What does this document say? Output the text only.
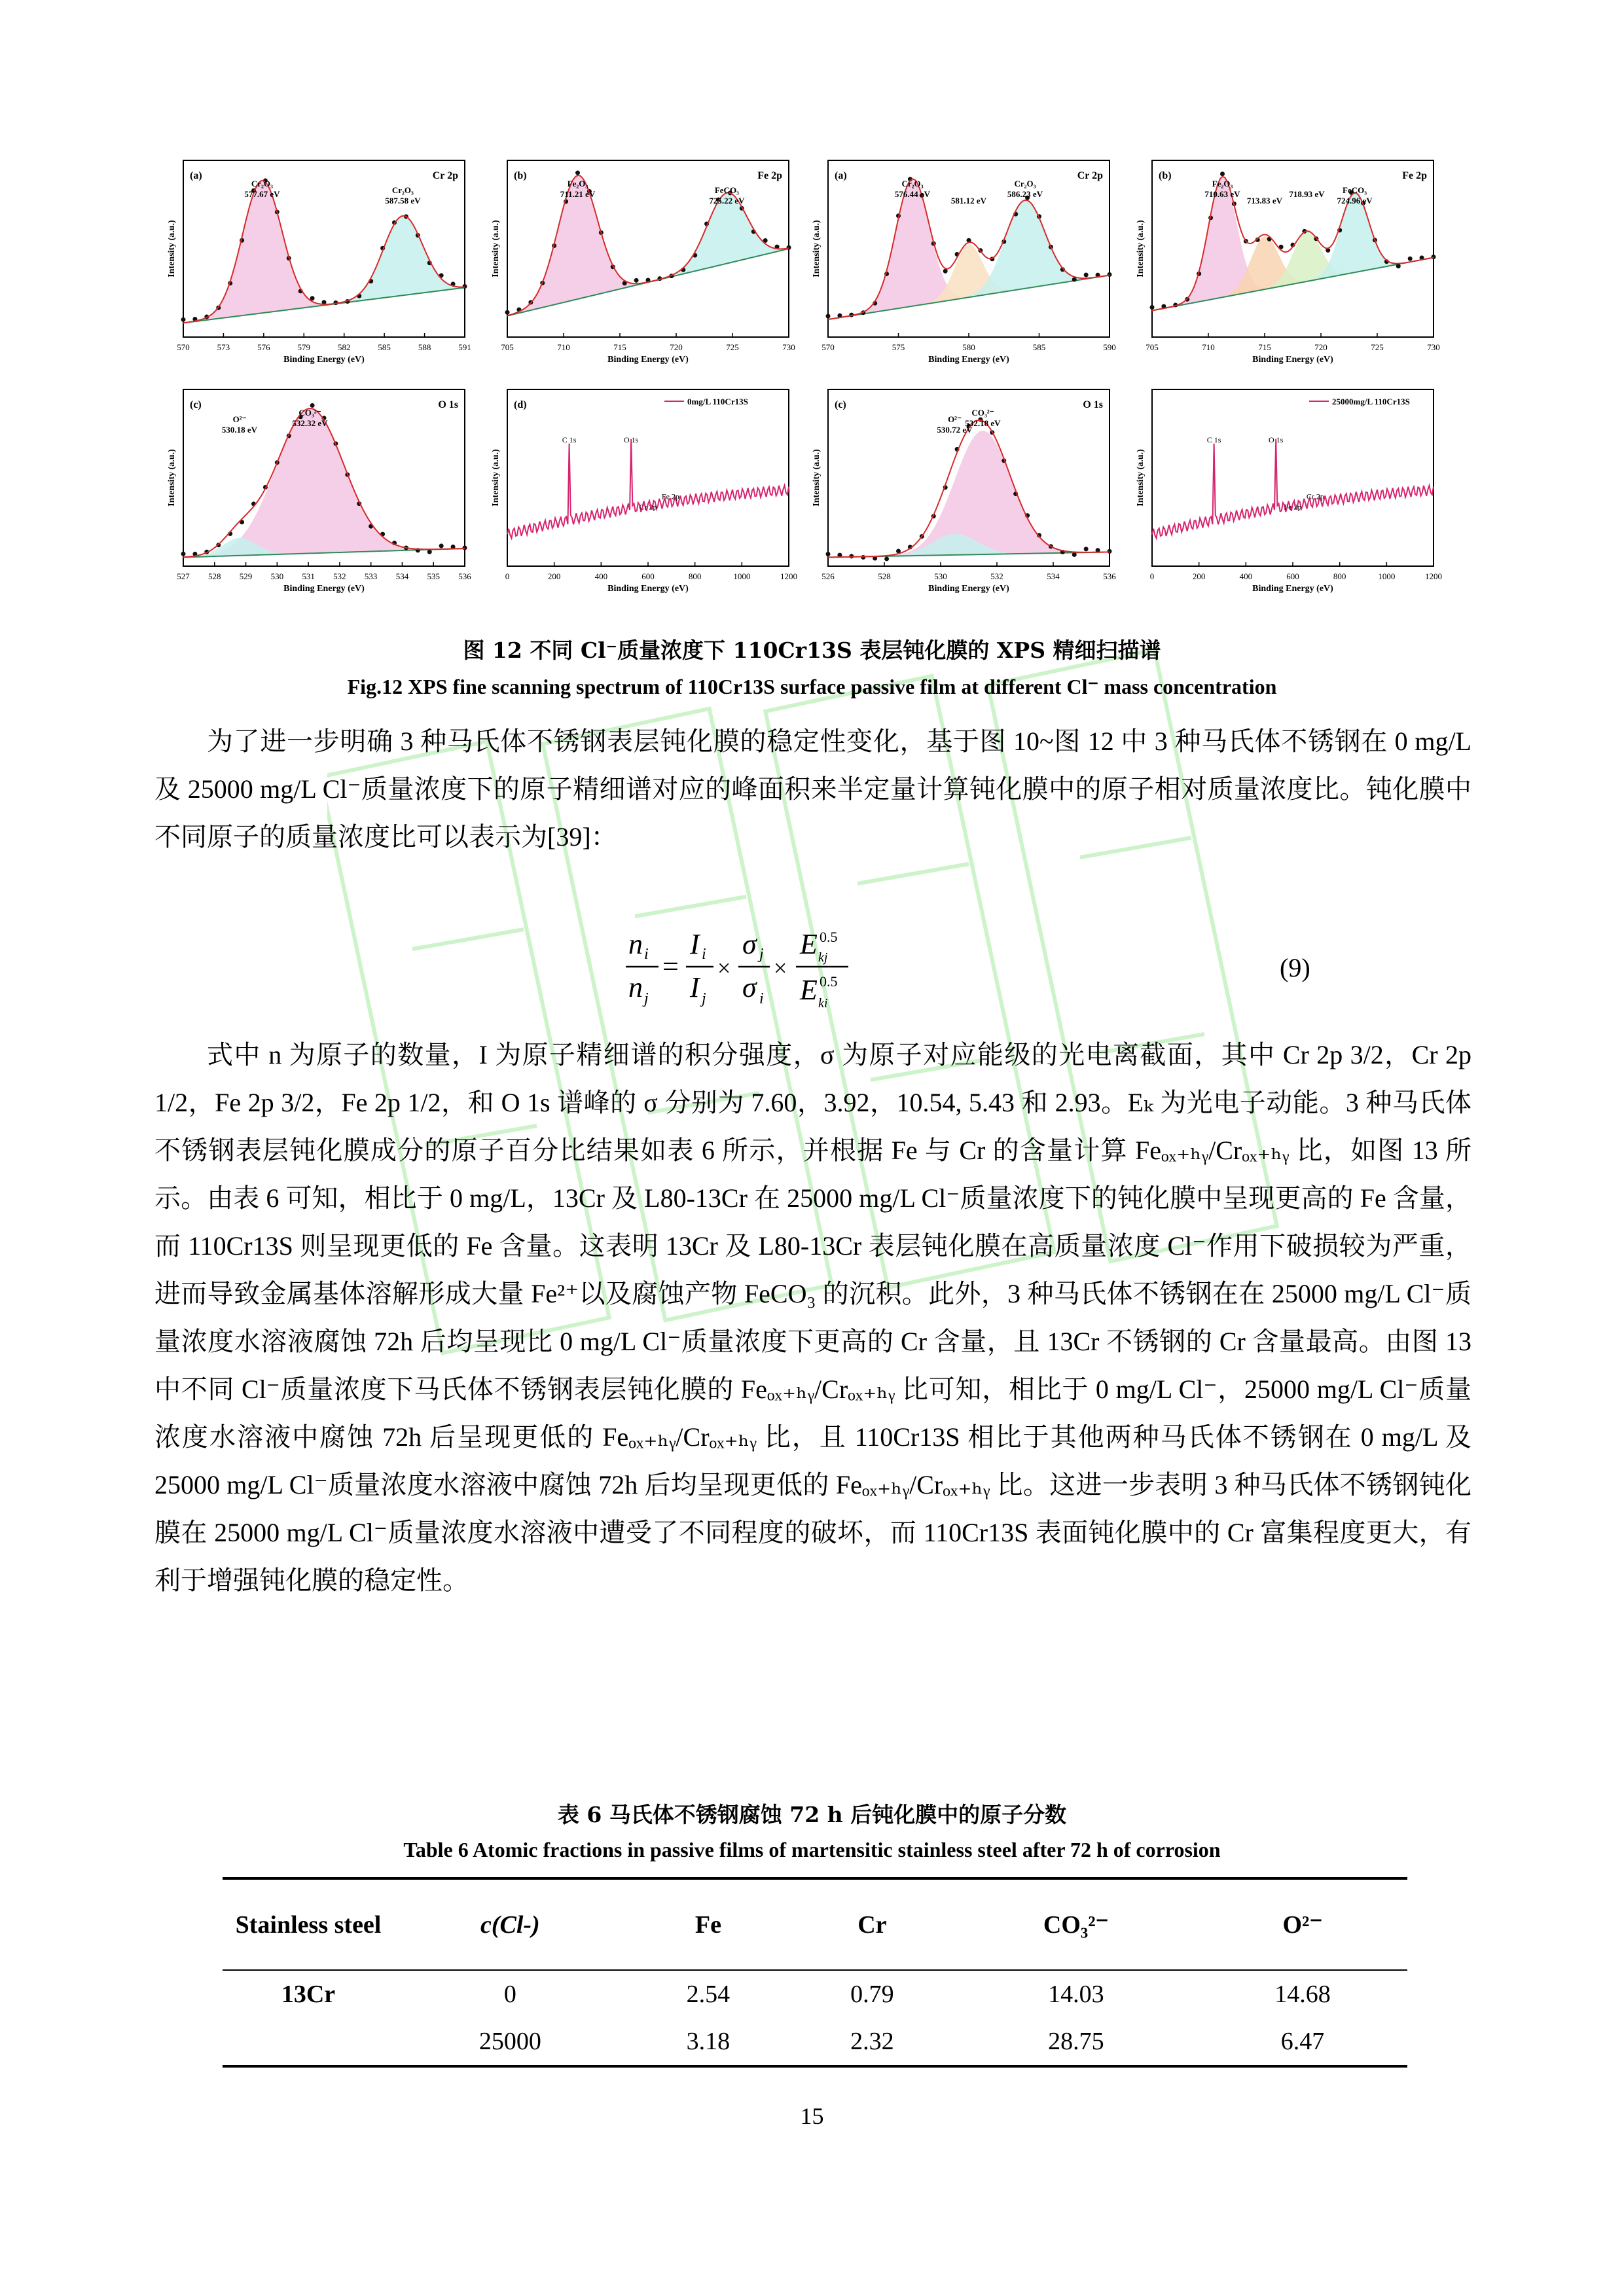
570	573	576	579	582	585	588	591
Binding Energy (eV)
Intensity (a.u.)
(a)	Cr 2p
Cr₂O₃
577.67 eV	Cr₂O₃
587.58 eV
705	710	715	720	725	730
Binding Energy (eV)
Intensity (a.u.)
(b)	Fe 2p
Fe₂O₃
711.21 eV	FeCO₃
725.22 eV
570	575	580	585	590
Binding Energy (eV)
Intensity (a.u.)
(a)	Cr 2p
Cr₂O₃
576.44 eV
581.12 eV
Cr₂O₃
586.23 eV
705	710	715	720	725	730
Binding Energy (eV)
Intensity (a.u.)
(b)	Fe 2p
Fe₂O₃
710.63 eV
713.83 eV
718.93 eV FeCO₃
724.96 eV
527 528 529 530 531 532 533 534 535 536
Binding Energy (eV)
Intensity (a.u.)
(c)	O 1s
CO₃²⁻
532.32 eV
O²⁻
530.18 eV
0	200	400	600	800	1000	1200
Binding Energy (eV)
Intensity (a.u.)
(d)	0mg/L 110Cr13S
C 1s	O 1s
Fe 2p
Cr 2p
526	528	530	532	534	536
Binding Energy (eV)
Intensity (a.u.)
(c)	O 1s
CO₃²⁻
532.18 eV
O²⁻
530.72 eV
0	200	400	600	800	1000	1200
Binding Energy (eV)
Intensity (a.u.)
25000mg/L 110Cr13S
C 1s	O 1s
Cr 2p
Fe 2p
图 12 不同 Cl⁻质量浓度下 110Cr13S 表层钝化膜的 XPS 精细扫描谱
Fig.12 XPS fine scanning spectrum of 110Cr13S surface passive film at different Cl⁻ mass concentration

为了进一步明确 3 种马氏体不锈钢表层钝化膜的稳定性变化，基于图 10~图 12 中 3 种马氏体不锈钢在 0 mg/L 及 25000 mg/L Cl⁻质量浓度下的原子精细谱对应的峰面积来半定量计算钝化膜中的原子相对质量浓度比。钝化膜中不同原子的质量浓度比可以表示为[39]：

n i
n j
=
I i
I j
×
σ j
σ i
×
E 0.5
kj
E 0.5
ki
(9)

式中 n 为原子的数量，I 为原子精细谱的积分强度，σ 为原子对应能级的光电离截面，其中 Cr 2p 3/2，Cr 2p 1/2，Fe 2p 3/2，Fe 2p 1/2，和 O 1s 谱峰的 σ 分别为 7.60，3.92，10.54, 5.43 和 2.93。Eₖ 为光电子动能。3 种马氏体不锈钢表层钝化膜成分的原子百分比结果如表 6 所示，并根据 Fe 与 Cr 的含量计算 Feₒₓ₊ₕᵧ/Crₒₓ₊ₕᵧ 比，如图 13 所示。由表 6 可知，相比于 0 mg/L，13Cr 及 L80-13Cr 在 25000 mg/L Cl⁻质量浓度下的钝化膜中呈现更高的 Fe 含量，而 110Cr13S 则呈现更低的 Fe 含量。这表明 13Cr 及 L80-13Cr 表层钝化膜在高质量浓度 Cl⁻作用下破损较为严重，进而导致金属基体溶解形成大量 Fe²⁺以及腐蚀产物 FeCO₃ 的沉积。此外，3 种马氏体不锈钢在在 25000 mg/L Cl⁻质量浓度水溶液腐蚀 72h 后均呈现比 0 mg/L Cl⁻质量浓度下更高的 Cr 含量，且 13Cr 不锈钢的 Cr 含量最高。由图 13 中不同 Cl⁻质量浓度下马氏体不锈钢表层钝化膜的 Feₒₓ₊ₕᵧ/Crₒₓ₊ₕᵧ 比可知，相比于 0 mg/L Cl⁻，25000 mg/L Cl⁻质量浓度水溶液中腐蚀 72h 后呈现更低的 Feₒₓ₊ₕᵧ/Crₒₓ₊ₕᵧ 比，且 110Cr13S 相比于其他两种马氏体不锈钢在 0 mg/L 及 25000 mg/L Cl⁻质量浓度水溶液中腐蚀 72h 后均呈现更低的 Feₒₓ₊ₕᵧ/Crₒₓ₊ₕᵧ 比。这进一步表明 3 种马氏体不锈钢钝化膜在 25000 mg/L Cl⁻质量浓度水溶液中遭受了不同程度的破坏，而 110Cr13S 表面钝化膜中的 Cr 富集程度更大，有利于增强钝化膜的稳定性。

表 6 马氏体不锈钢腐蚀 72 h 后钝化膜中的原子分数
Table 6 Atomic fractions in passive films of martensitic stainless steel after 72 h of corrosion
Stainless steel	c(Cl-)	Fe	Cr	CO₃²⁻	O²⁻
13Cr	0	2.54	0.79	14.03	14.68
	25000	3.18	2.32	28.75	6.47
15
